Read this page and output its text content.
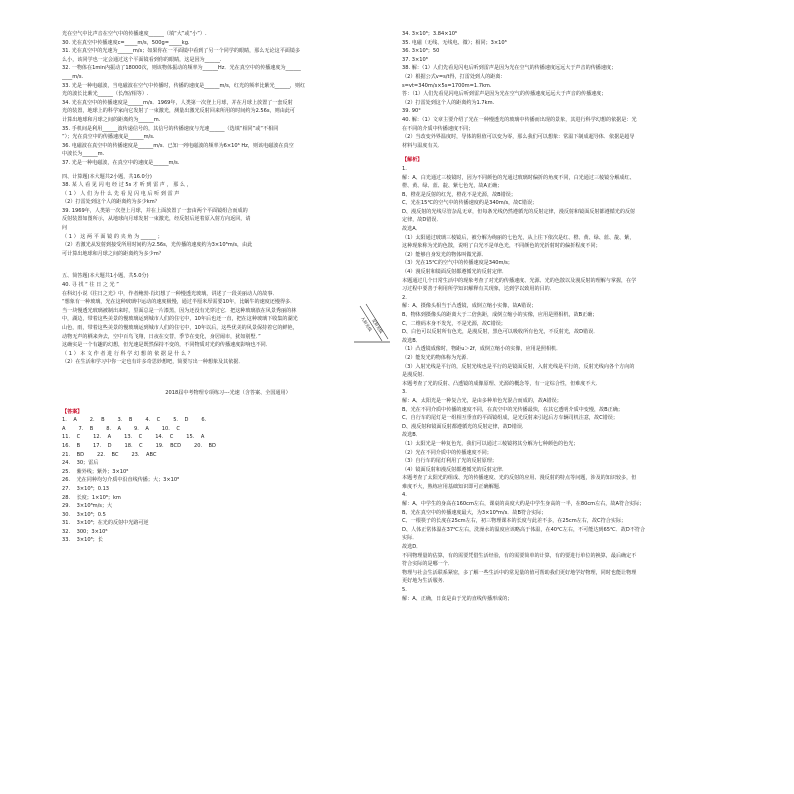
光在空气中比声音在空气中的传播速度______（填“大”或“小”）.
30. 光在真空中传播速度c=_____m/s，500g=_____kg.
31. 光在真空中的光速为______m/s；如果你在一平面镜中看到了另一个同学的眼睛，那么无论这平面镜多
么小，该同学也一定会通过这个平面镜看到你的眼睛，这是因为______.
32. 一物体在1min内振动了18000次，则该物体振动的频率为______Hz．光在真空中的传播速度为______
____m/s.
33. 光是一种电磁波，当电磁波在空气中传播时，传播的速度是______m/s，红光的频率比紫光______，则红
光的波长比紫光______（长/短/相等）.
34. 光在真空中的传播速度是______m/s．1969年，人类第一次登上月球，并在月球上放置了一套反射
光的装置，地球上的科学家向它发射了一束激光，测量出激光反射回来所用的时间约为2.56s，则由此可
计算出地球和月球之间的距离约为______m.
35. 手机间是利用______波传递信号的，其信号的传播速度与光速______（选填“相同”或“不相同
”）；光在真空中的传播速度是______m/s.
36. 电磁波在真空中的传播速度是______m/s．已知一列电磁波的频率为6×10⁶ Hz，则该电磁波在真空
中波长为______m.
37. 光是一种电磁波，在真空中的速度是______m/s.
四、计算题(本大题共2小题，共16.0分)
38. 某 人 看 见 闪 电 经 过 5s 才 听 到 雷 声 ， 那 么 ，
（ 1 ） 人 们 为 什 么 先 看 见 闪 电 后 听 到 雷 声
（2）打雷处到这个人的距离约为多少km？
39. 1969年，人类第一次登上月球，并在上面放置了一套由两个平面镜组合而成的
反射装置如图所示，从地球向月球发射一束激光，经反射后逆着原入射方向返回，请
问
（ 1 ） 这 两 平 面 镜 的 夹 角 为 ______ ；
（2）若激光从发射到接受所用时间约为2.56s，光传播的速度约为3×10⁸m/s，由此
可计算出地球和月球之间的距离约为多少m？
五、简答题(本大题共1小题，共5.0分)
40. 寻 找 “ 往 日 之 光 ”
在科幻小说《往日之光》中，作者鲍勃·肖幻想了一种慢透光玻璃，讲述了一段美丽动人的故事．
“想象有一种玻璃，光在这种玻璃中运动的速度极慢，通过半厘米厚需要10年，比蜗牛的速度还慢得多．
当一块慢透光玻璃被制出来时，里面总是一片漆黑，因为还没有光穿过它．把这种玻璃放在风景秀丽的林
中，湖边，带着这些美景的慢玻璃运到城市人们的住宅中，10年后也还一直，把在这种玻璃下收集的湖光
山色，雨，带着这些美景的慢玻璃运到城市人们的住宅中，10年以后，这些优美的风景保持着它的鲜艳，
动物无声的栖来奔去，空中百鸟飞翔，日夜在交替，季节在变化，身居闹市，犹如别墅．”
这确实是一个有趣的幻想，但光速是既然保持不变的，不同物质对光的传播速度影响也不同．
（ 1 ） 本 文 作 者 进 行 科 学 幻 想 的 依 据 是 什 么 ？
（2）在生活和学习中你一定也有许多奇思妙想吧，简要写出一种想象及其依据．
2018届中考物理专项练习---光速（含答案、全国通用）
【答案】
1.    A        2.    B        3.    B        4.    C        5.    D        6.
A        7.    B        8.    A        9.    A        10.    C
11.    C        12.    A        13.    C        14.    C        15.    A
16.    B        17.    D        18.    C        19.    BCD        20.    BD
21.    BD        22.    BC        23.    ABC
24.    30；雷后
25.    紫外线；紫外；3×10⁸
26.    光在同种均匀介质中沿直线传播；大；3×10⁸
27.    3×10⁸；0.13
28.    长度；1×10⁸；km
29.    3×10⁸m/s；大
30.    3×10⁸；0.5
31.    3×10⁸；在光的反射中光路可逆
32.    300；3×10⁸
33.    3×10⁸；长
入射光线
反射光线
34. 3×10⁸；3.84×10⁸
35. 电磁（无线、无线电、微）；相同；3×10⁸
36. 3×10⁸；50
37. 3×10⁸
38. 解：（1）人们先看见闪电后听到雷声是因为光在空气的传播速度远远大于声音的传播速度；
（2）根据公式v=s/t得，打雷处到人的距离：
s=vt=340m/s×5s=1700m=1.7km.
答：（1）人们先看见闪电后听到雷声是因为光在空气的传播速度远远大于声音的传播速度；
（2）打雷处到这个人的距离约为1.7km.
39. 90°
40. 解：（1）文章主要介绍了光在一种慢透光的玻璃中传播而出现的景象，其进行科学幻想的依据是：光
在不同的介质中传播速度不同；
（2）当改变外界温度时，导体的阻值可以变为零，那么我们可以想象：常温下制成超导体．依据是超导
材料与温度有关．
【解析】
1.
解：A、白光通过三棱镜时，因为不同颜色的光通过玻璃时偏折的角度不同，白光通过三棱镜分解成红、
橙、黄、绿、蓝、靛、紫七色光，故A正确；
B、橙花是反射的红光，橙花不是光源，故B错误；
C、光在15℃的空气中的传播速度约是340m/s，故C错误；
D、漫反射的光线尽管杂乱无章，但每条光线仍然遵循光的反射定律，漫反射和镜面反射都遵循光的反射
定律，故D错误．
故选A．
（1）太阳通过玻璃三棱镜后，被分解为绚丽的七色光，从上往下依次是红、橙、黄、绿、蓝、靛、紫，
这种现象称为光的色散，说明了白光不是单色光，不同颜色的光折射时的偏折程度不同；
（2）能够自身发光的物体叫做光源．
（3）光在15℃的空气中的传播速度是340m/s；
（4）漫反射和镜面反射都遵循光的反射定律．
本题通过几个日常生活中的现象考查了对光的传播速度、光源、光的色散以及漫反射的理解与掌握，在学
习过程中要善于利用所学知识解释有关现象，达到学以致用的目的．
2.
解：A、摄像头相当于凸透镜，成倒立缩小实像，故A错误；
B、物体到摄像头的距离大于二倍焦距，成倒立缩小的实像，应用是照相机，故B正确；
C、二维码本身不发光，不是光源，故C错误；
D、白色可以反射所有色光，是漫反射，黑色可以吸收所有色光，不反射光，故D错误．
故选B．
（1）凸透镜成像时，物距u＞2f，成倒立缩小的实像，应用是照相机．
（2）能发光的物体称为光源．
（3）入射光线是平行的，反射光线也是平行的是镜面反射，入射光线是平行的，反射光线向各个方向的
是漫反射．
本题考查了光的反射、凸透镜的成像原理、光源的概念等，有一定综合性，但难度不大．
3.
解：A、太阳光是一种复合光，是由多种单色光混合而成的，故A错误；
B、光在不同介质中传播的速度不同，在真空中的光传播最快，在其它透明介质中变慢，故B正确；
C、自行车的尾灯是一组相互垂直的平面镜组成，是光反射来引起后方车辆司机注意，故C错误；
D、漫反射和镜面反射都遵循光的反射定律，故D错误．
故选B．
（1）太阳光是一种复色光，我们可以通过三棱镜将其分解为七种颜色的色光；
（2）光在不同介质中的传播速度不同；
（3）自行车的尾灯利用了光的反射原理；
（4）镜面反射和漫反射都遵循光的反射定律．
本题考查了太阳光的组成、光的传播速度、光的反射的应用、漫反射的特点等问题，涉及的知识较多，但
难度不大，熟练应用基础知识即可正确解题．
4.
解：A、中学生的身高在160cm左右，课桌的高度大约是中学生身高的一半，在80cm左右，故A符合实际；
B、光在真空中的传播速度最大，为3×10⁸m/s．故B符合实际；
C、一根筷子的长度在25cm左右，初三物理课本的长度与此差不多，在25cm左右，故C符合实际；
D、人体正常体温在37℃左右，洗澡水的温度应该略高于体温，在40℃左右，不可能达到65℃．故D不符合
实际．
故选D．
不同物理量的估算，有的需要凭借生活经验，有的需要简单的计算，有的要进行单位的换算，最后确定不
符合实际的是哪一个．
物理与社会生活联系紧密，多了解一些生活中的常见量的值可帮助我们更好地学好物理，同时也能让物理
更好地为生活服务．
5.
解：A、正确，日食是由于光的直线传播形成的；
